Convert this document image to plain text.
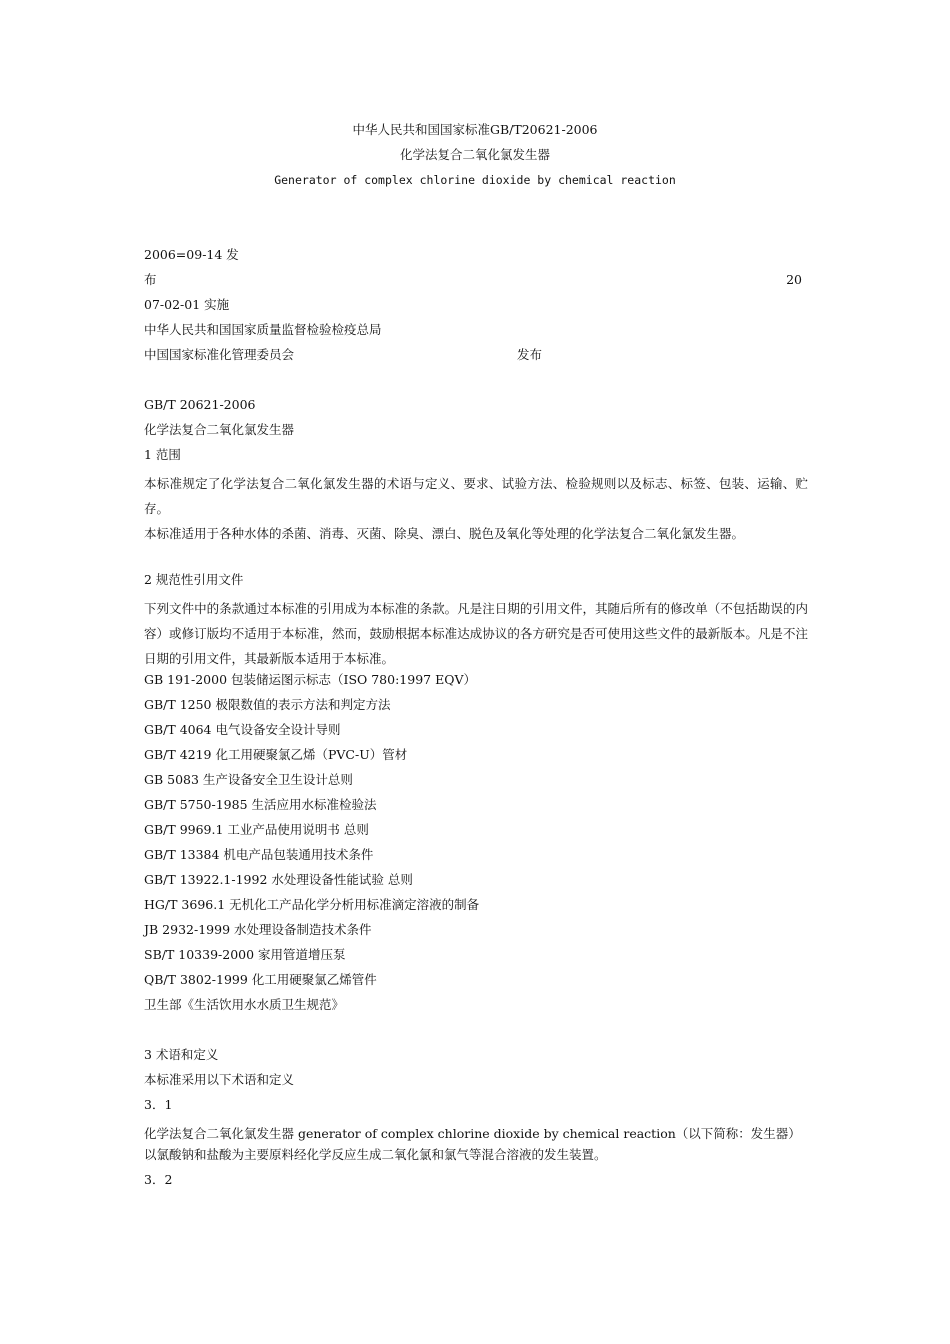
中华人民共和国国家标准GB/T20621-2006
化学法复合二氧化氯发生器
Generator of complex chlorine dioxide by chemical reaction
2006=09-14 发
布	20
07-02-01 实施
中华人民共和国国家质量监督检验检疫总局
中国国家标准化管理委员会	发布
GB/T 20621-2006
化学法复合二氧化氯发生器
1 范围
本标准规定了化学法复合二氧化氯发生器的术语与定义、要求、试验方法、检验规则以及标志、标签、包装、运输、贮存。
本标准适用于各种水体的杀菌、消毒、灭菌、除臭、漂白、脱色及氧化等处理的化学法复合二氧化氯发生器。
2 规范性引用文件
下列文件中的条款通过本标准的引用成为本标准的条款。凡是注日期的引用文件，其随后所有的修改单（不包括勘误的内容）或修订版均不适用于本标准，然而，鼓励根据本标准达成协议的各方研究是否可使用这些文件的最新版本。凡是不注日期的引用文件，其最新版本适用于本标准。
GB 191-2000 包装储运图示标志（ISO 780:1997 EQV）
GB/T 1250 极限数值的表示方法和判定方法
GB/T 4064 电气设备安全设计导则
GB/T 4219 化工用硬聚氯乙烯（PVC-U）管材
GB 5083 生产设备安全卫生设计总则
GB/T 5750-1985 生活应用水标准检验法
GB/T 9969.1 工业产品使用说明书 总则
GB/T 13384 机电产品包装通用技术条件
GB/T 13922.1-1992 水处理设备性能试验 总则
HG/T 3696.1 无机化工产品化学分析用标准滴定溶液的制备
JB 2932-1999 水处理设备制造技术条件
SB/T 10339-2000 家用管道增压泵
QB/T 3802-1999 化工用硬聚氯乙烯管件
卫生部《生活饮用水水质卫生规范》
3 术语和定义
本标准采用以下术语和定义
3．1
化学法复合二氧化氯发生器 generator of complex chlorine dioxide by chemical reaction（以下简称：发生器）
以氯酸钠和盐酸为主要原料经化学反应生成二氧化氯和氯气等混合溶液的发生装置。
3．2
